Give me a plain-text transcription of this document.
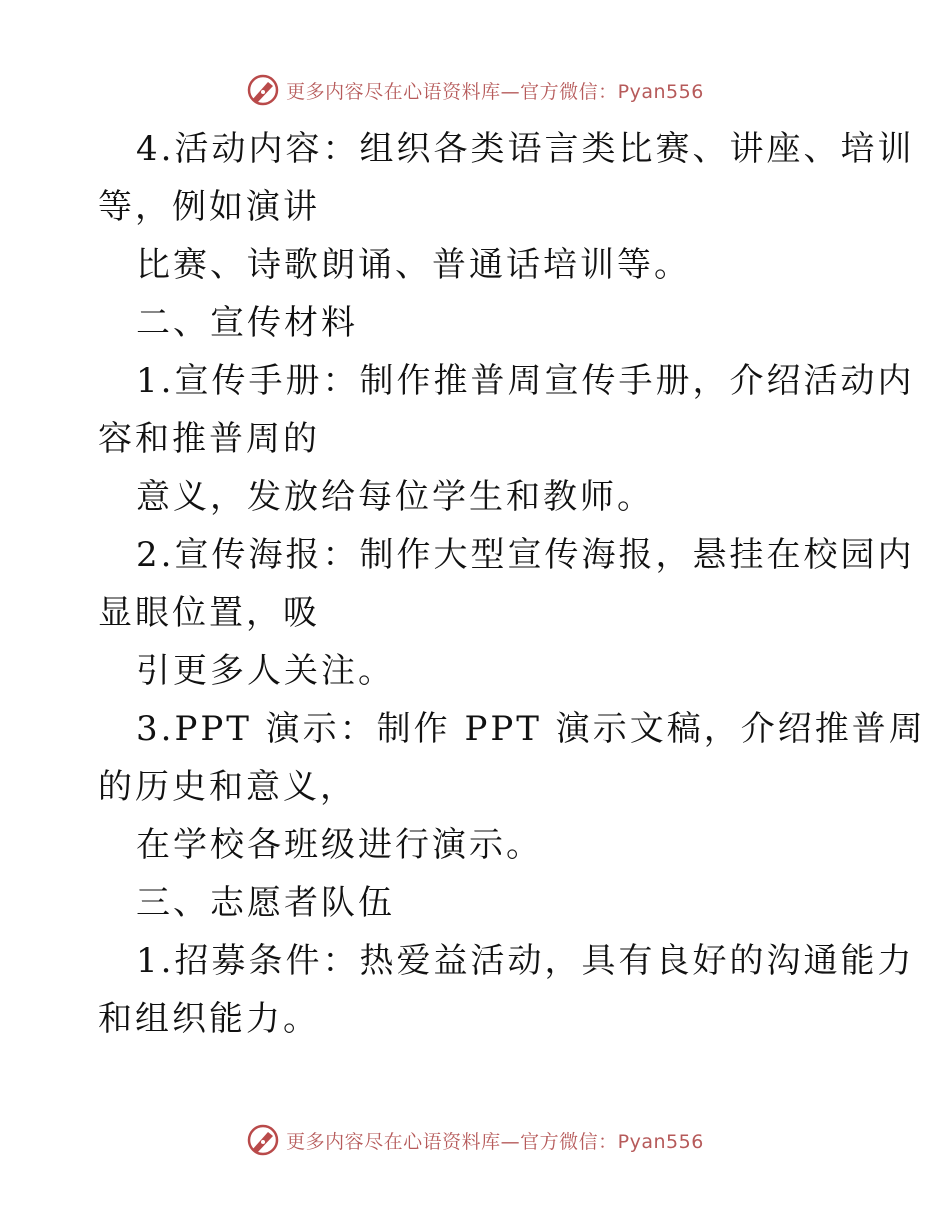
更多内容尽在心语资料库—官方微信：Pyan556
4.活动内容：组织各类语言类比赛、讲座、培训
等，例如演讲
比赛、诗歌朗诵、普通话培训等。
二、宣传材料
1.宣传手册：制作推普周宣传手册，介绍活动内
容和推普周的
意义，发放给每位学生和教师。
2.宣传海报：制作大型宣传海报，悬挂在校园内
显眼位置，吸
引更多人关注。
3.PPT 演示：制作 PPT 演示文稿，介绍推普周
的历史和意义，
在学校各班级进行演示。
三、志愿者队伍
1.招募条件：热爱益活动，具有良好的沟通能力
和组织能力。
更多内容尽在心语资料库—官方微信：Pyan556
